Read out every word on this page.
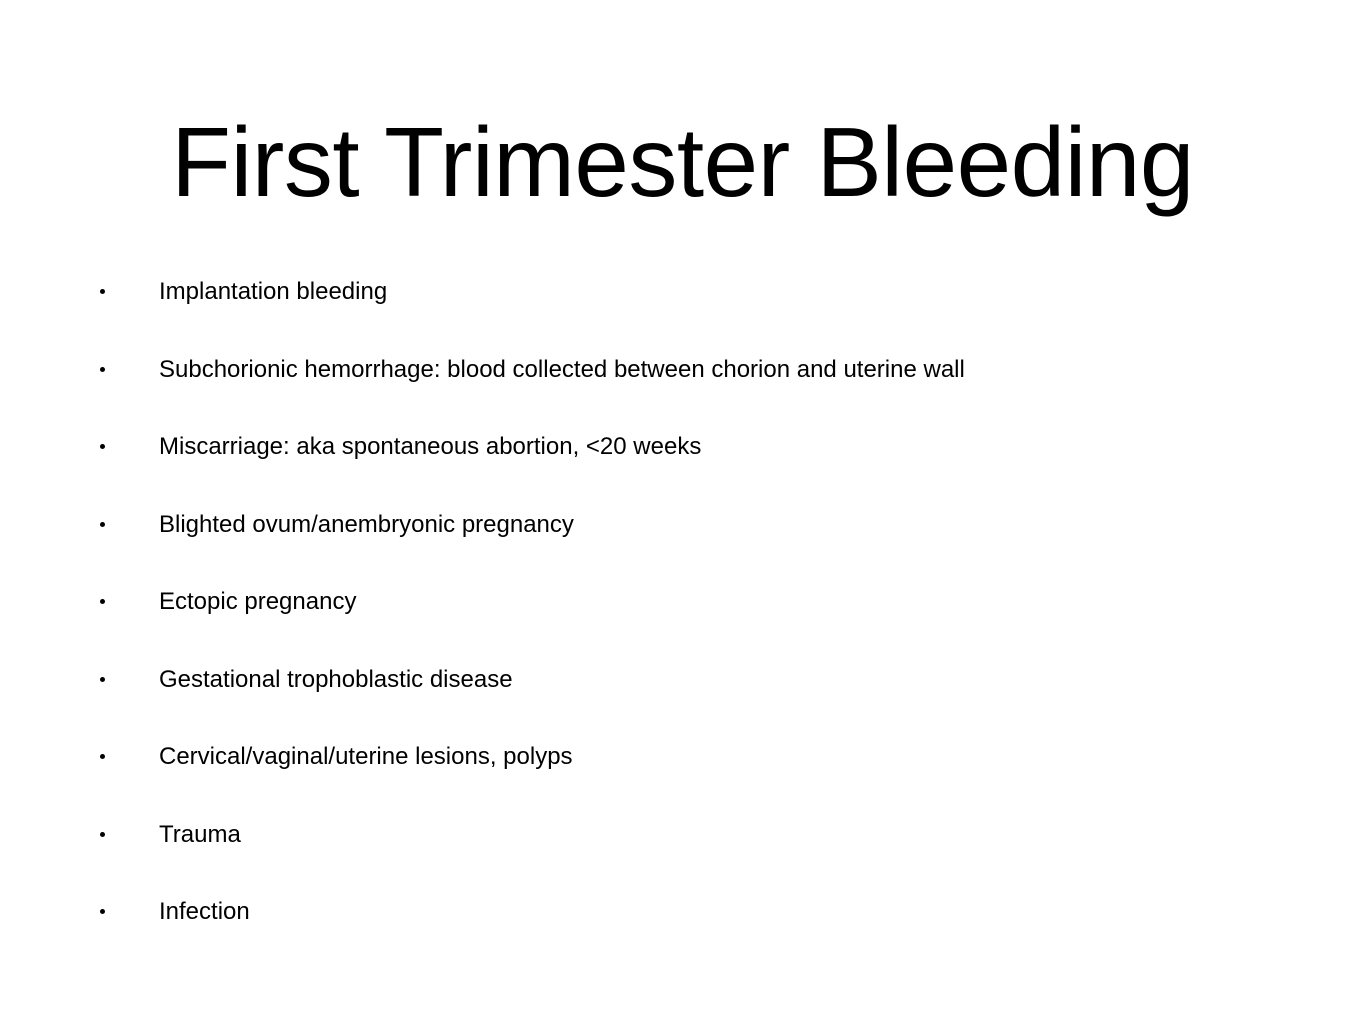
First Trimester Bleeding
Implantation bleeding
Subchorionic hemorrhage: blood collected between chorion and uterine wall
Miscarriage: aka spontaneous abortion, <20 weeks
Blighted ovum/anembryonic pregnancy
Ectopic pregnancy
Gestational trophoblastic disease
Cervical/vaginal/uterine lesions, polyps
Trauma
Infection
